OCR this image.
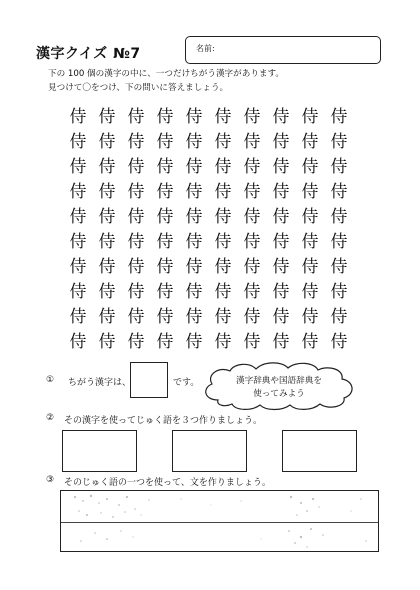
漢字クイズ №7	名前:
下の 100 個の漢字の中に、一つだけちがう漢字があります。
見つけて〇をつけ、下の問いに答えましょう。
侍 侍 侍 侍 侍 侍 侍 侍 侍 侍
侍 侍 侍 侍 侍 侍 侍 侍 侍 侍
侍 侍 侍 侍 侍 侍 侍 侍 侍 侍
侍 侍 侍 侍 侍 侍 侍 侍 侍 侍
侍 侍 侍 侍 侍 侍 侍 侍 侍 侍
侍 侍 侍 侍 侍 侍 侍 侍 侍 侍
侍 侍 侍 侍 侍 侍 侍 侍 侍 侍
侍 侍 侍 侍 侍 侍 侍 侍 侍 侍
侍 侍 侍 侍 侍 侍 侍 侍 侍 侍
侍 侍 侍 侍 侍 侍 侍 侍 侍 侍
① ちがう漢字は、	です。	漢字辞典や国語辞典を
使ってみよう
② その漢字を使ってじゅく語を３つ作りましょう。
③ そのじゅく語の一つを使って、文を作りましょう。
